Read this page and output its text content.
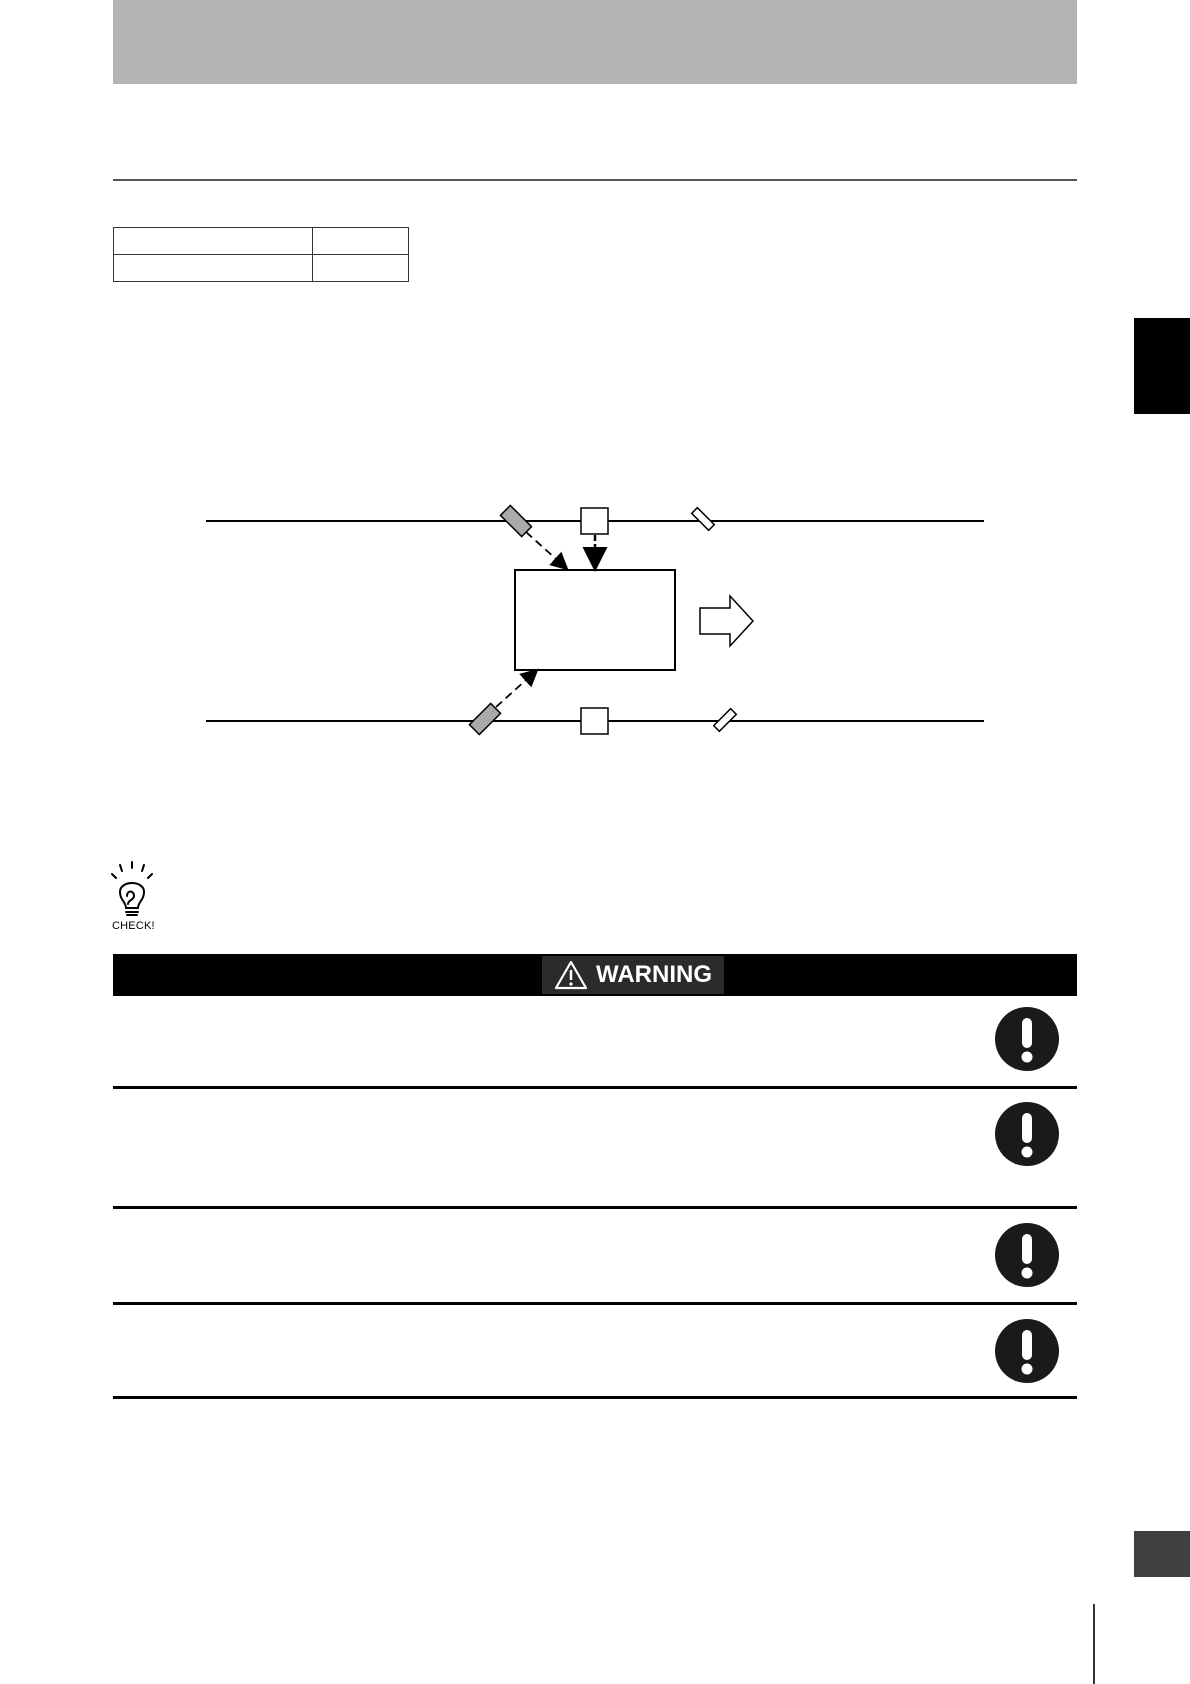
CHECK!
WARNING
